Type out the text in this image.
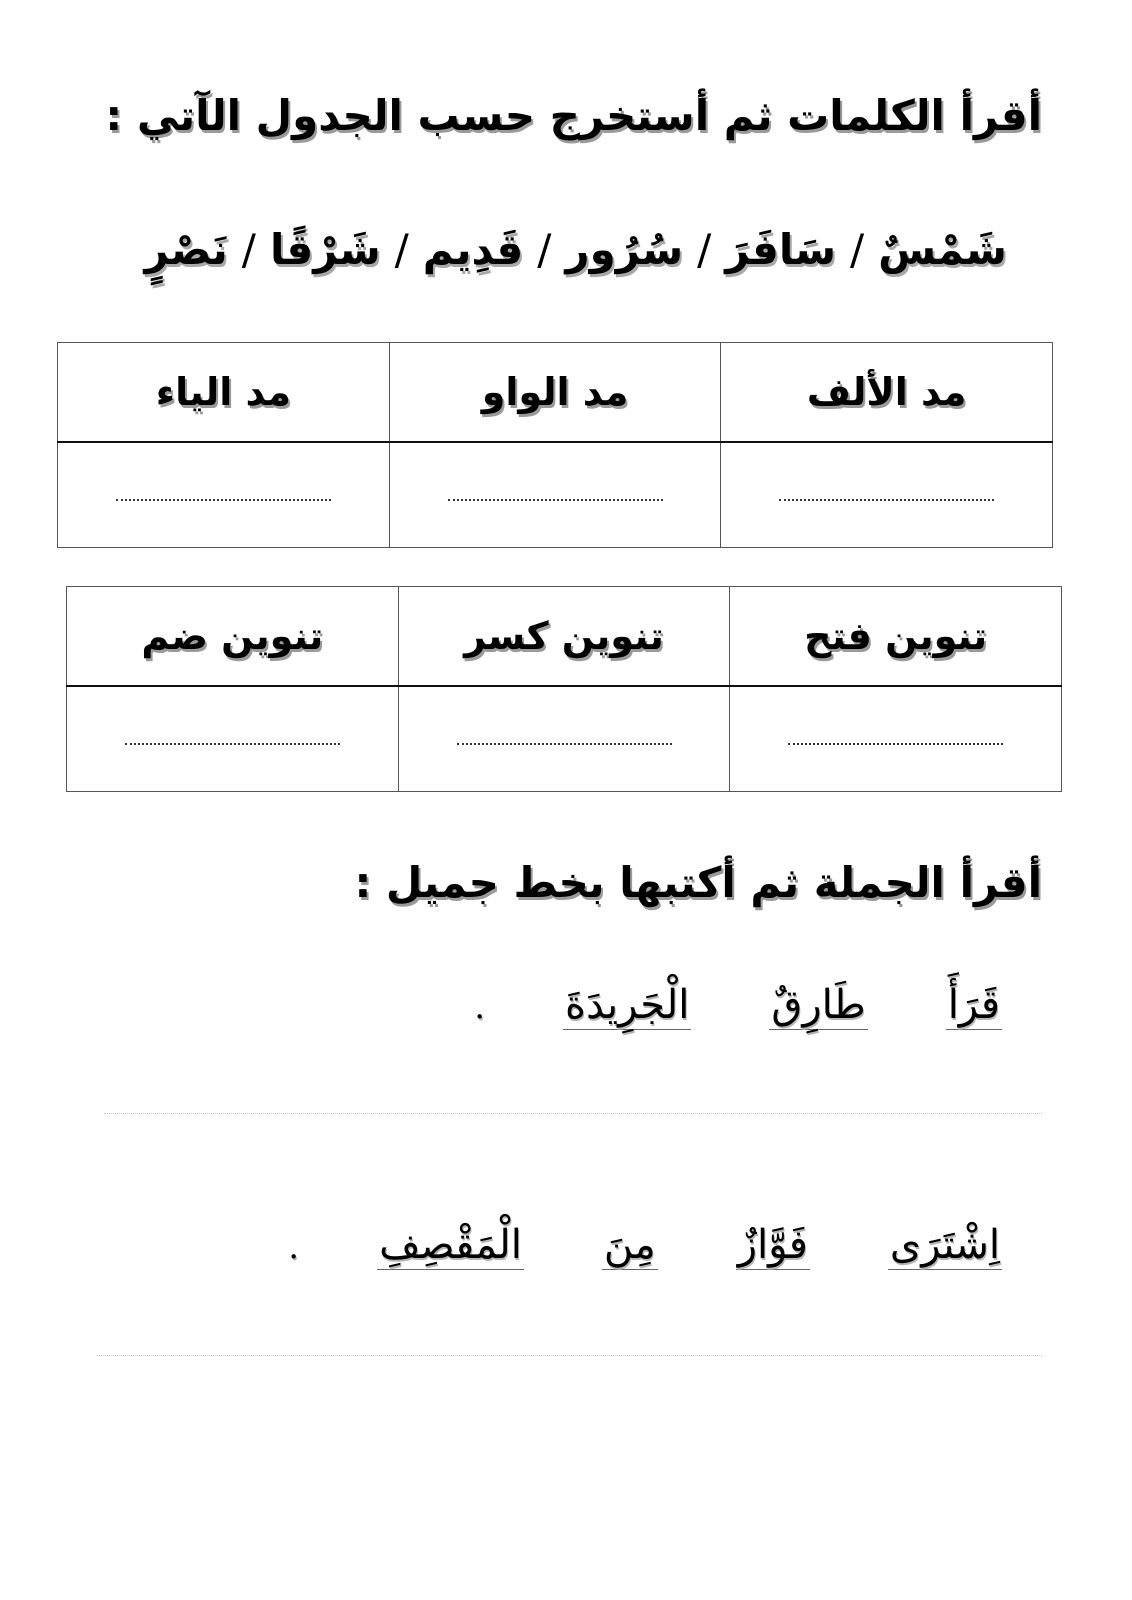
أقرأ الكلمات ثم أستخرج حسب الجدول الآتي :
شَمْسٌ/سَافَرَ/سُرُور/قَدِيم/شَرْقًا/نَصْرٍ
مد الألف	مد الواو	مد الياء

تنوين فتح	تنوين كسر	تنوين ضم

أقرأ الجملة ثم أكتبها بخط جميل :
قَرَأَطَارِقٌالْجَرِيدَةَ.
اِشْتَرَىفَوَّازٌمِنَالْمَقْصِفِ.
